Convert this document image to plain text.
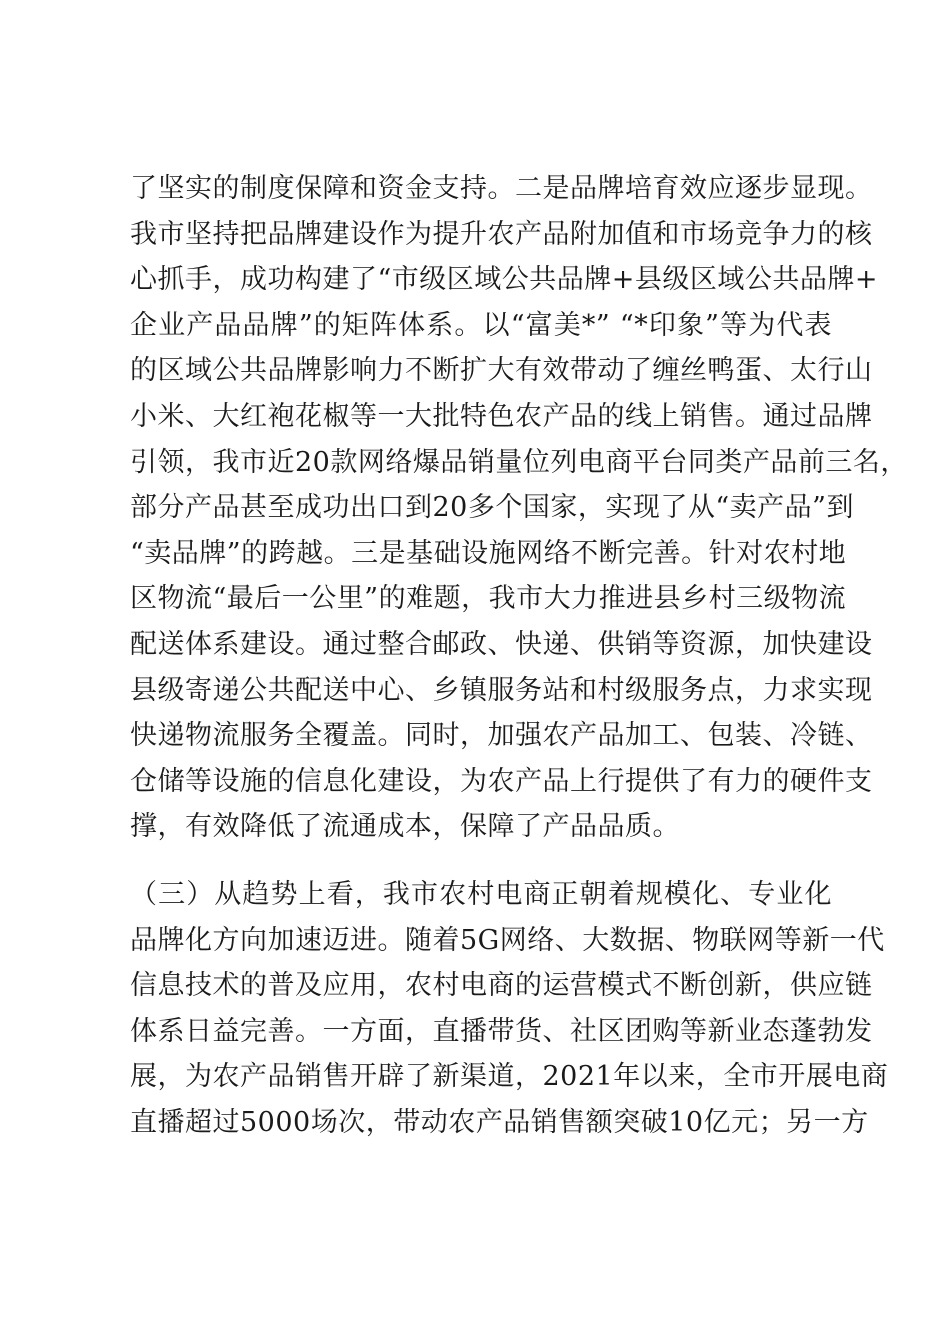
了坚实的制度保障和资金支持。二是品牌培育效应逐步显现。
我市坚持把品牌建设作为提升农产品附加值和市场竞争力的核
心抓手，成功构建了“市级区域公共品牌+县级区域公共品牌+
企业产品品牌”的矩阵体系。以“富美*” “*印象”等为代表
的区域公共品牌影响力不断扩大有效带动了缠丝鸭蛋、太行山
小米、大红袍花椒等一大批特色农产品的线上销售。通过品牌
引领，我市近20款网络爆品销量位列电商平台同类产品前三名，
部分产品甚至成功出口到20多个国家，实现了从“卖产品”到
“卖品牌”的跨越。三是基础设施网络不断完善。针对农村地
区物流“最后一公里”的难题，我市大力推进县乡村三级物流
配送体系建设。通过整合邮政、快递、供销等资源，加快建设
县级寄递公共配送中心、乡镇服务站和村级服务点，力求实现
快递物流服务全覆盖。同时，加强农产品加工、包装、冷链、
仓储等设施的信息化建设，为农产品上行提供了有力的硬件支
撑，有效降低了流通成本，保障了产品品质。
（三）从趋势上看，我市农村电商正朝着规模化、专业化
品牌化方向加速迈进。随着5G网络、大数据、物联网等新一代
信息技术的普及应用，农村电商的运营模式不断创新，供应链
体系日益完善。一方面，直播带货、社区团购等新业态蓬勃发
展，为农产品销售开辟了新渠道，2021年以来，全市开展电商
直播超过5000场次，带动农产品销售额突破10亿元；另一方
